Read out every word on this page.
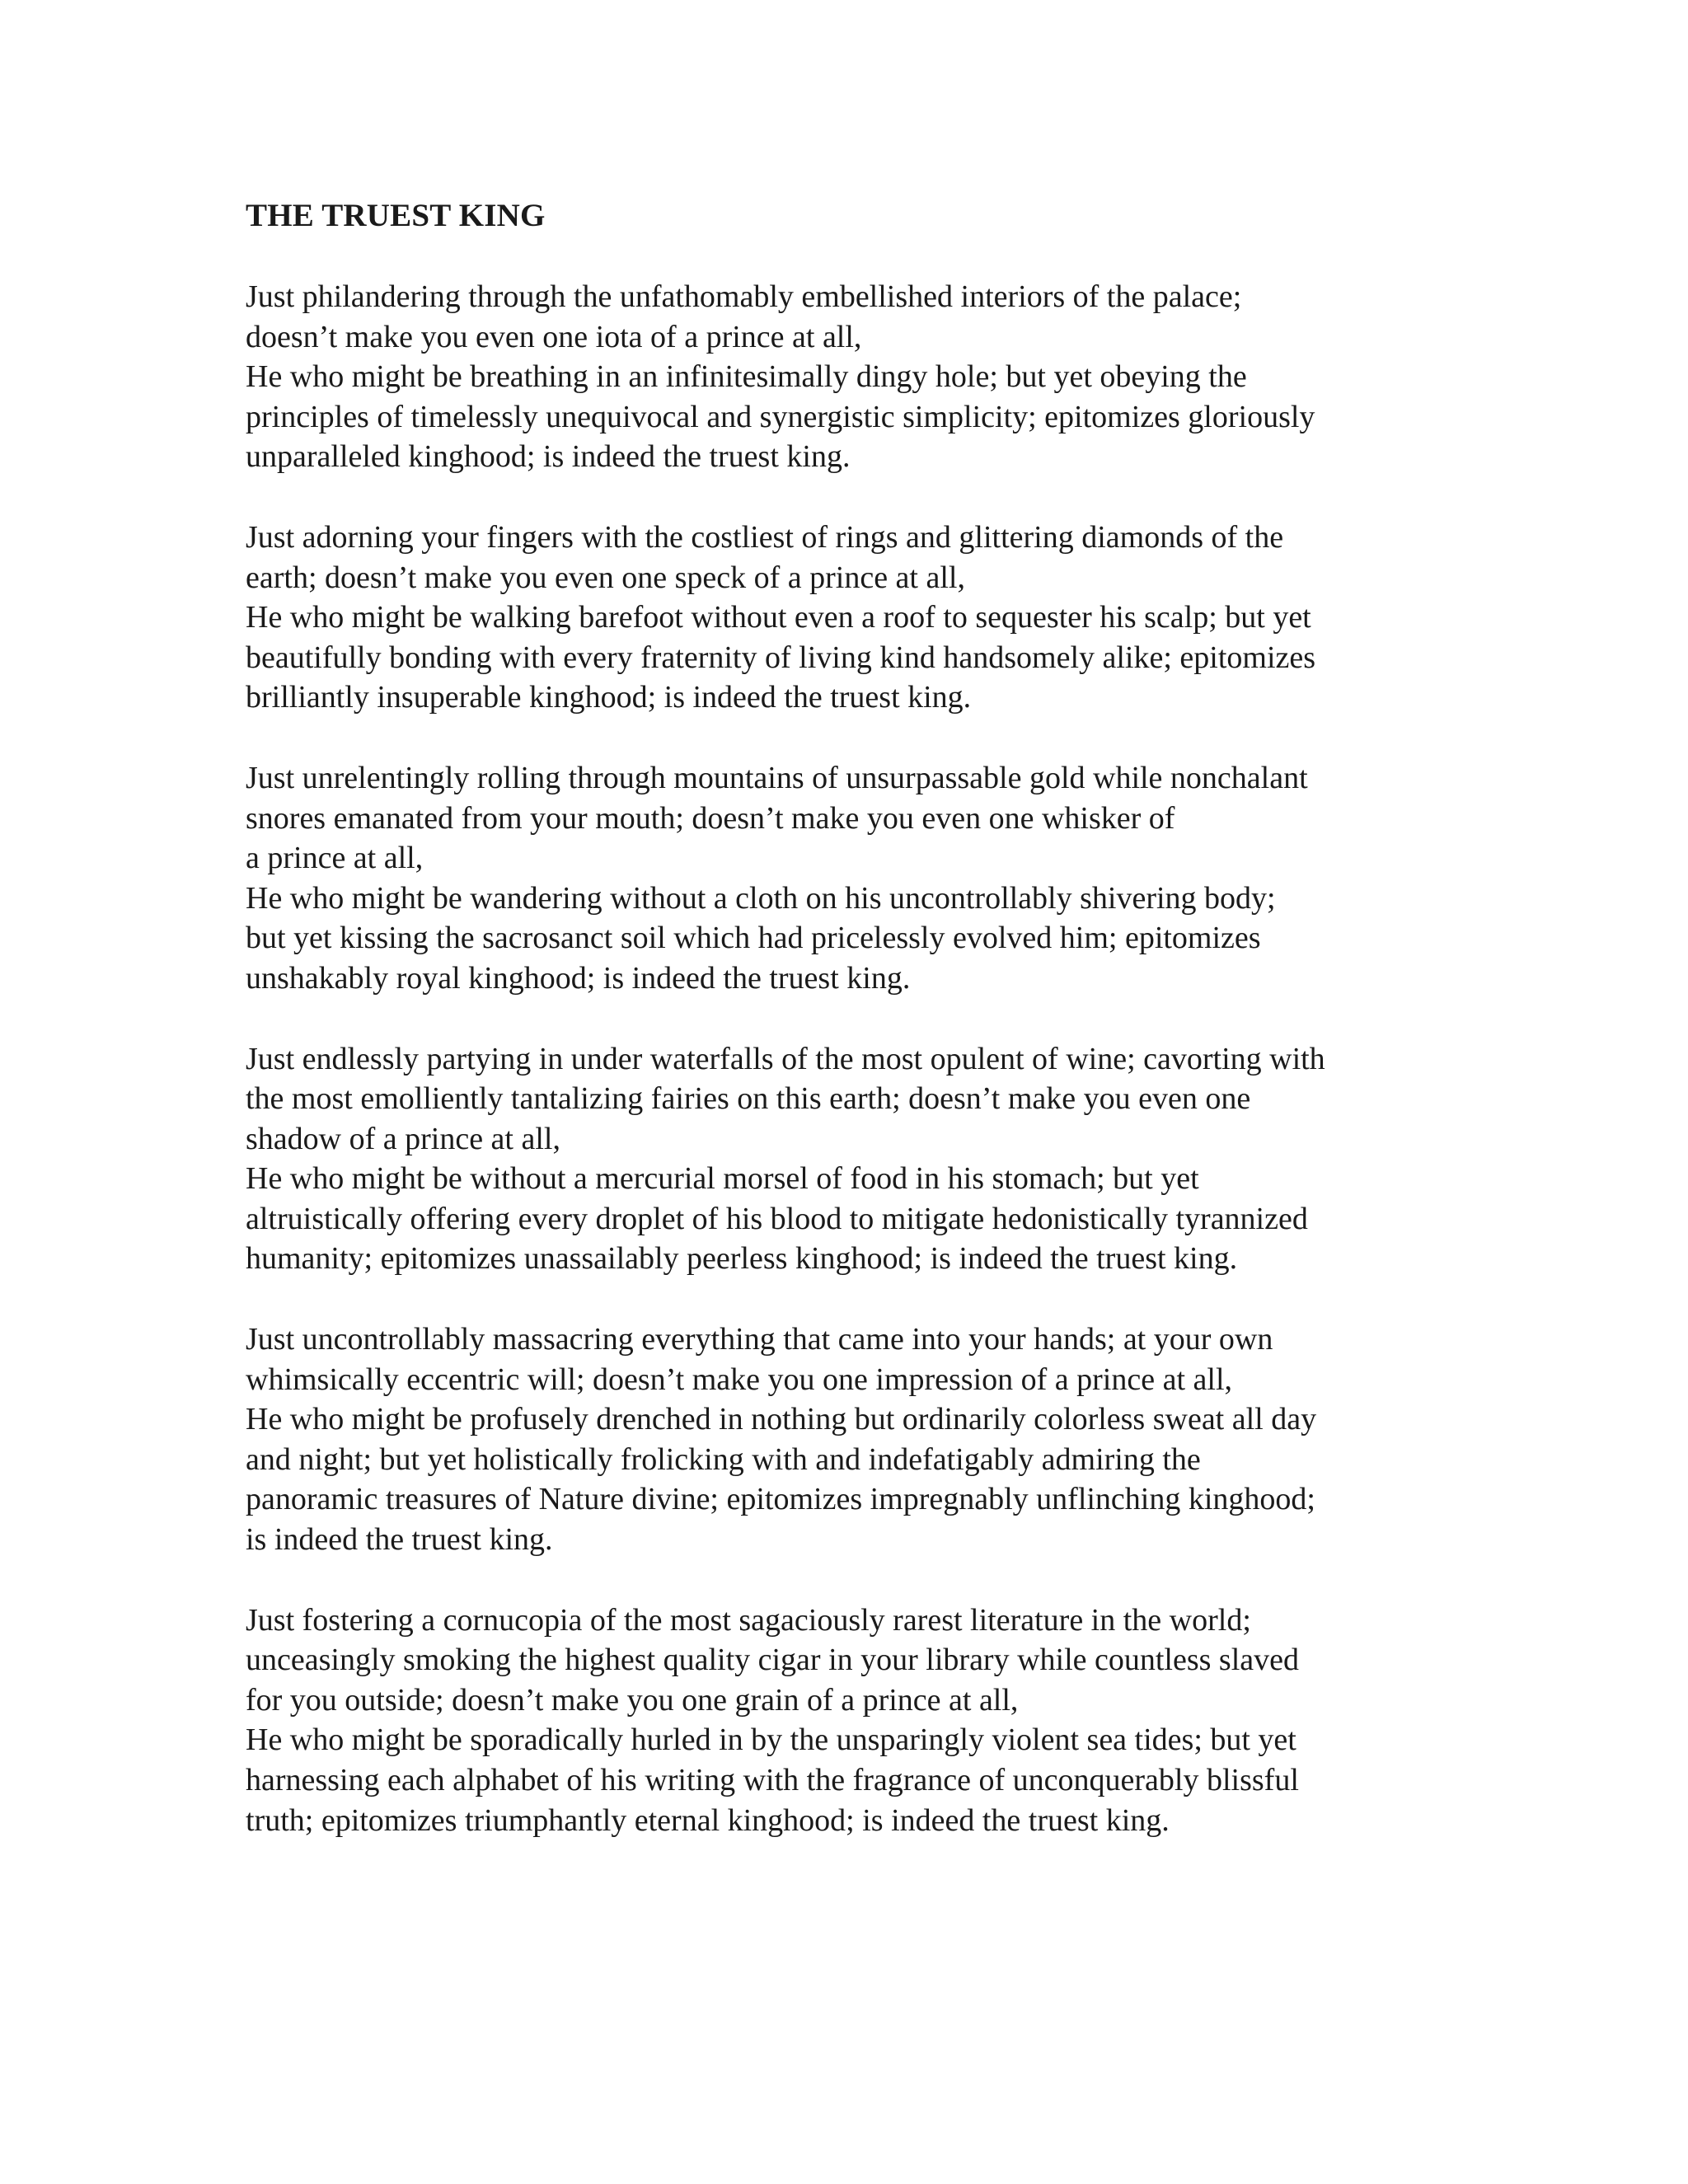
THE TRUEST KING
Just philandering through the unfathomably embellished interiors of the palace;
doesn’t make you even one iota of a prince at all,
He who might be breathing in an infinitesimally dingy hole; but yet obeying the
principles of timelessly unequivocal and synergistic simplicity; epitomizes gloriously
unparalleled kinghood; is indeed the truest king.
Just adorning your fingers with the costliest of rings and glittering diamonds of the
earth; doesn’t make you even one speck of a prince at all,
He who might be walking barefoot without even a roof to sequester his scalp; but yet
beautifully bonding with every fraternity of living kind handsomely alike; epitomizes
brilliantly insuperable kinghood; is indeed the truest king.
Just unrelentingly rolling through mountains of unsurpassable gold while nonchalant
snores emanated from your mouth; doesn’t make you even one whisker of
a prince at all,
He who might be wandering without a cloth on his uncontrollably shivering body;
but yet kissing the sacrosanct soil which had pricelessly evolved him; epitomizes
unshakably royal kinghood; is indeed the truest king.
Just endlessly partying in under waterfalls of the most opulent of wine; cavorting with
the most emolliently tantalizing fairies on this earth; doesn’t make you even one
shadow of a prince at all,
He who might be without a mercurial morsel of food in his stomach; but yet
altruistically offering every droplet of his blood to mitigate hedonistically tyrannized
humanity; epitomizes unassailably peerless kinghood; is indeed the truest king.
Just uncontrollably massacring everything that came into your hands; at your own
whimsically eccentric will; doesn’t make you one impression of a prince at all,
He who might be profusely drenched in nothing but ordinarily colorless sweat all day
and night; but yet holistically frolicking with and indefatigably admiring the
panoramic treasures of Nature divine; epitomizes impregnably unflinching kinghood;
is indeed the truest king.
Just fostering a cornucopia of the most sagaciously rarest literature in the world;
unceasingly smoking the highest quality cigar in your library while countless slaved
for you outside; doesn’t make you one grain of a prince at all,
He who might be sporadically hurled in by the unsparingly violent sea tides; but yet
harnessing each alphabet of his writing with the fragrance of unconquerably blissful
truth; epitomizes triumphantly eternal kinghood; is indeed the truest king.
